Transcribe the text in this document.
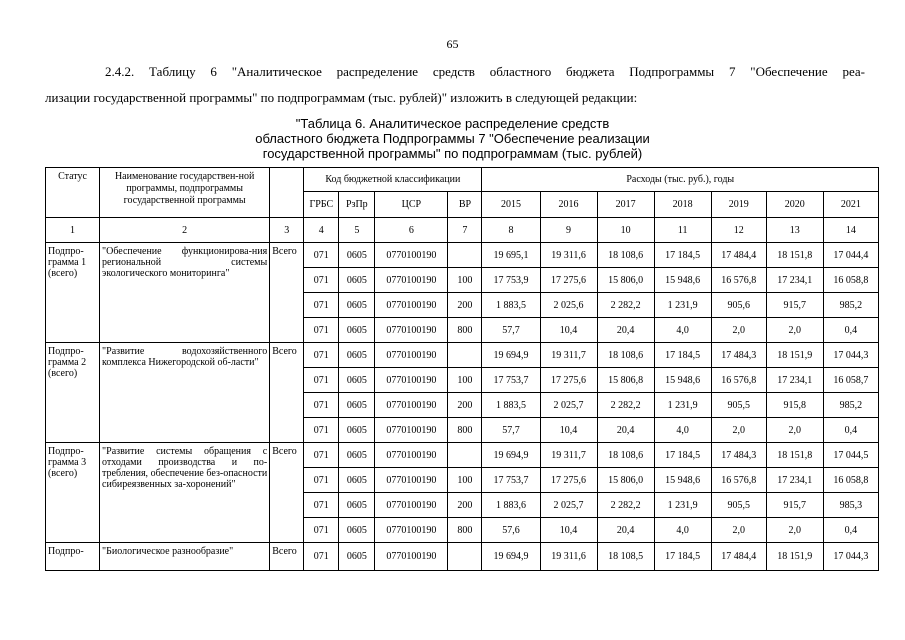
65
2.4.2. Таблицу 6 "Аналитическое распределение средств областного бюджета Подпрограммы 7 "Обеспечение реа-
лизации государственной программы" по подпрограммам (тыс. рублей)" изложить в следующей редакции:
"Таблица 6. Аналитическое распределение средств
областного бюджета Подпрограммы 7 "Обеспечение реализации
государственной программы" по подпрограммам (тыс. рублей)
Статус	Наименование государствен-ной программы, подпрограммы государственной программы		Код бюджетной классификации				Расходы (тыс. руб.), годы						
			ГРБС	РзПр	ЦСР	ВР	2015	2016	2017	2018	2019	2020	2021
1	2	3	4	5	6	7	8	9	10	11	12	13	14
Подпро-грамма 1 (всего)	"Обеспечение функционирова-ния региональной системы экологического мониторинга"	Всего	071	0605	0770100190		19 695,1	19 311,6	18 108,6	17 184,5	17 484,4	18 151,8	17 044,4
			071	0605	0770100190	100	17 753,9	17 275,6	15 806,0	15 948,6	16 576,8	17 234,1	16 058,8
			071	0605	0770100190	200	1 883,5	2 025,6	2 282,2	1 231,9	905,6	915,7	985,2
			071	0605	0770100190	800	57,7	10,4	20,4	4,0	2,0	2,0	0,4
Подпро-грамма 2 (всего)	"Развитие водохозяйственного комплекса Нижегородской об-ласти"	Всего	071	0605	0770100190		19 694,9	19 311,7	18 108,6	17 184,5	17 484,3	18 151,9	17 044,3
			071	0605	0770100190	100	17 753,7	17 275,6	15 806,8	15 948,6	16 576,8	17 234,1	16 058,7
			071	0605	0770100190	200	1 883,5	2 025,7	2 282,2	1 231,9	905,5	915,8	985,2
			071	0605	0770100190	800	57,7	10,4	20,4	4,0	2,0	2,0	0,4
Подпро-грамма 3 (всего)	"Развитие системы обращения с отходами производства и по-требления, обеспечение без-опасности сибиреязвенных за-хоронений"	Всего	071	0605	0770100190		19 694,9	19 311,7	18 108,6	17 184,5	17 484,3	18 151,8	17 044,5
			071	0605	0770100190	100	17 753,7	17 275,6	15 806,0	15 948,6	16 576,8	17 234,1	16 058,8
			071	0605	0770100190	200	1 883,6	2 025,7	2 282,2	1 231,9	905,5	915,7	985,3
			071	0605	0770100190	800	57,6	10,4	20,4	4,0	2,0	2,0	0,4
Подпро-	"Биологическое разнообразие"	Всего	071	0605	0770100190		19 694,9	19 311,6	18 108,5	17 184,5	17 484,4	18 151,9	17 044,3
